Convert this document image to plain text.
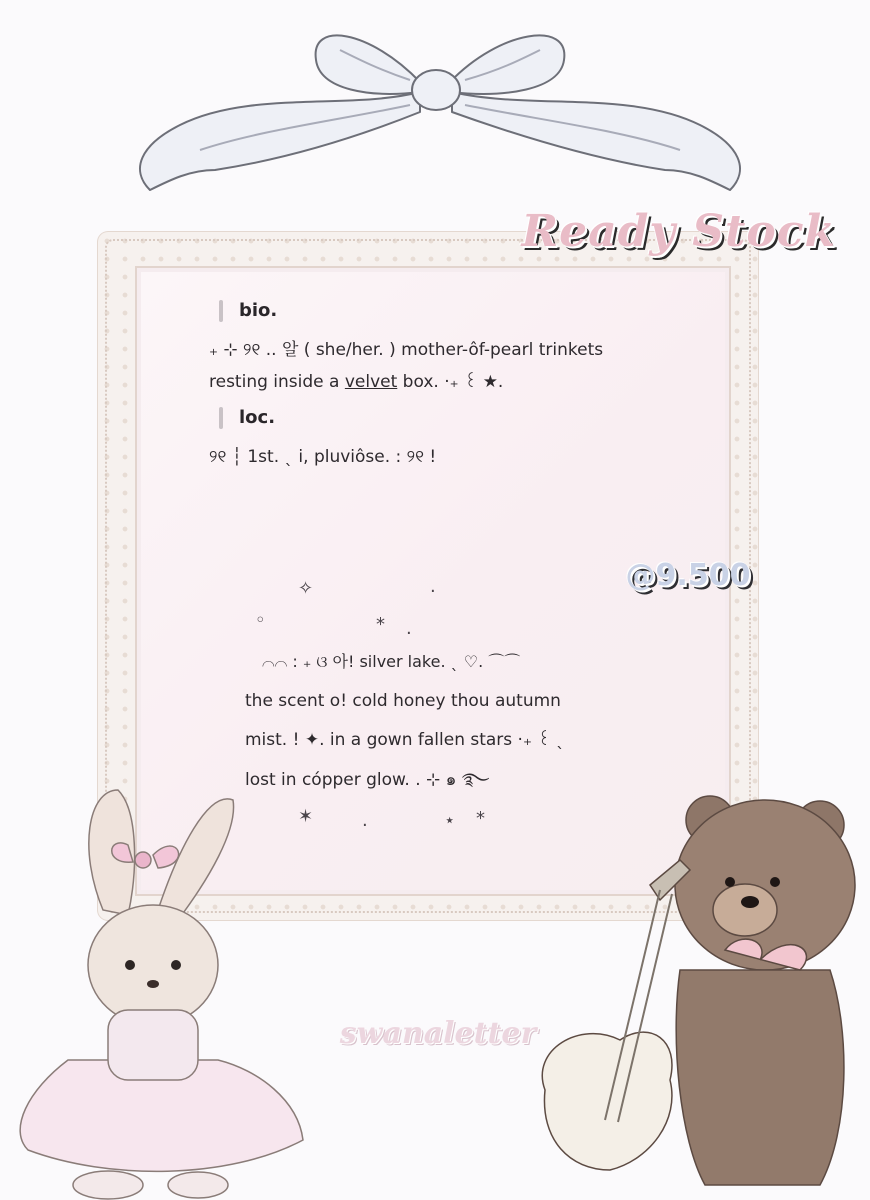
bio.
₊ ⊹ ୨୧ .. 알 ( she/her. ) mother-ôf-pearl trinkets
resting inside a velvet box. ·₊ ꒰ ★.
loc.
୨୧ ┆ 1st. ˎ i, pluviôse. : ୨୧ !
✧	.
◦	* .
⌒⌒ : ₊ ଓ 아! silver lake. ˎ ♡. ⌒⌒
the scent o! cold honey thou autumn
mist. ! ✦. in a gown fallen stars ·₊ ꒰ ˎ
lost in cópper glow. . ⊹ ๑ ࿐
✶	.	⋆ *
Ready Stock
@9.500
swanaletter
